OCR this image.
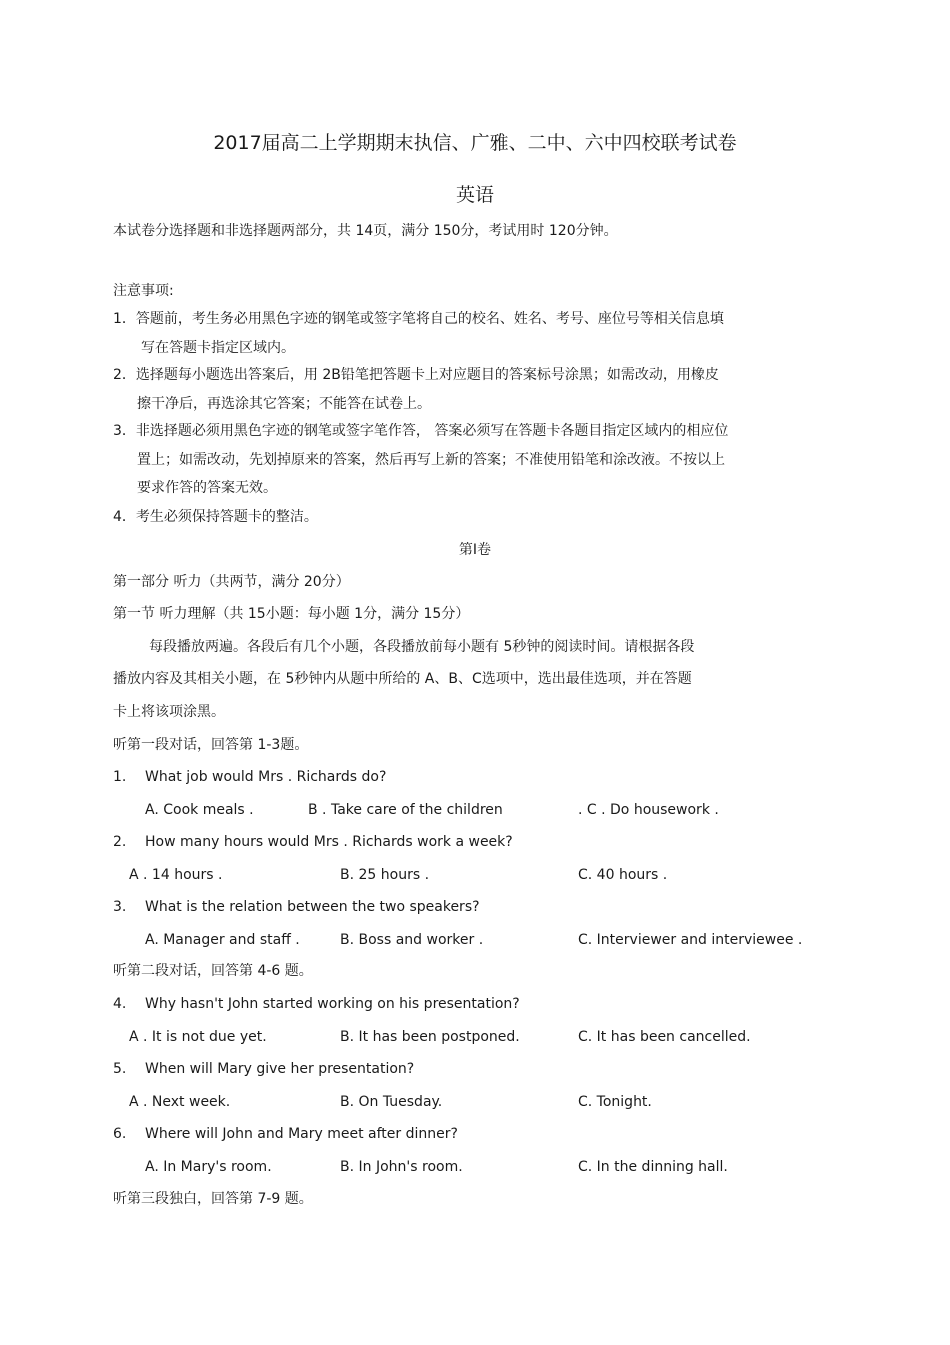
2017届高二上学期期末执信、广雅、二中、六中四校联考试卷
英语
本试卷分选择题和非选择题两部分，共 14页，满分 150分，考试用时 120分钟。
注意事项:
1．答题前，考生务必用黑色字迹的钢笔或签字笔将自己的校名、姓名、考号、座位号等相关信息填
写在答题卡指定区域内。
2．选择题每小题选出答案后，用 2B铅笔把答题卡上对应题目的答案标号涂黑；如需改动，用橡皮
擦干净后，再选涂其它答案；不能答在试卷上。
3．非选择题必须用黑色字迹的钢笔或签字笔作答， 答案必须写在答题卡各题目指定区域内的相应位
置上；如需改动，先划掉原来的答案，然后再写上新的答案；不准使用铅笔和涂改液。不按以上
要求作答的答案无效。
4．考生必须保持答题卡的整洁。
第Ⅰ卷
第一部分 听力（共两节，满分 20分）
第一节 听力理解（共 15小题：每小题 1分，满分 15分）
每段播放两遍。各段后有几个小题，各段播放前每小题有 5秒钟的阅读时间。请根据各段
播放内容及其相关小题，在 5秒钟内从题中所给的 A、B、C选项中，选出最佳选项，并在答题
卡上将该项涂黑。
听第一段对话，回答第 1-3题。
1. What job would Mrs . Richards do?
A. Cook meals .	B . Take care of the children	. C . Do housework .
2. How many hours would Mrs . Richards work a week?
A . 14 hours .	B. 25 hours .	C. 40 hours .
3. What is the relation between the two speakers?
A. Manager and staff .	B. Boss and worker .	C. Interviewer and interviewee .
听第二段对话，回答第 4-6 题。
4. Why hasn't John started working on his presentation?
A . It is not due yet.	B. It has been postponed.	C. It has been cancelled.
5. When will Mary give her presentation?
A . Next week.	B. On Tuesday.	C. Tonight.
6. Where will John and Mary meet after dinner?
A. In Mary's room.	B. In John's room.	C. In the dinning hall.
听第三段独白，回答第 7-9 题。
